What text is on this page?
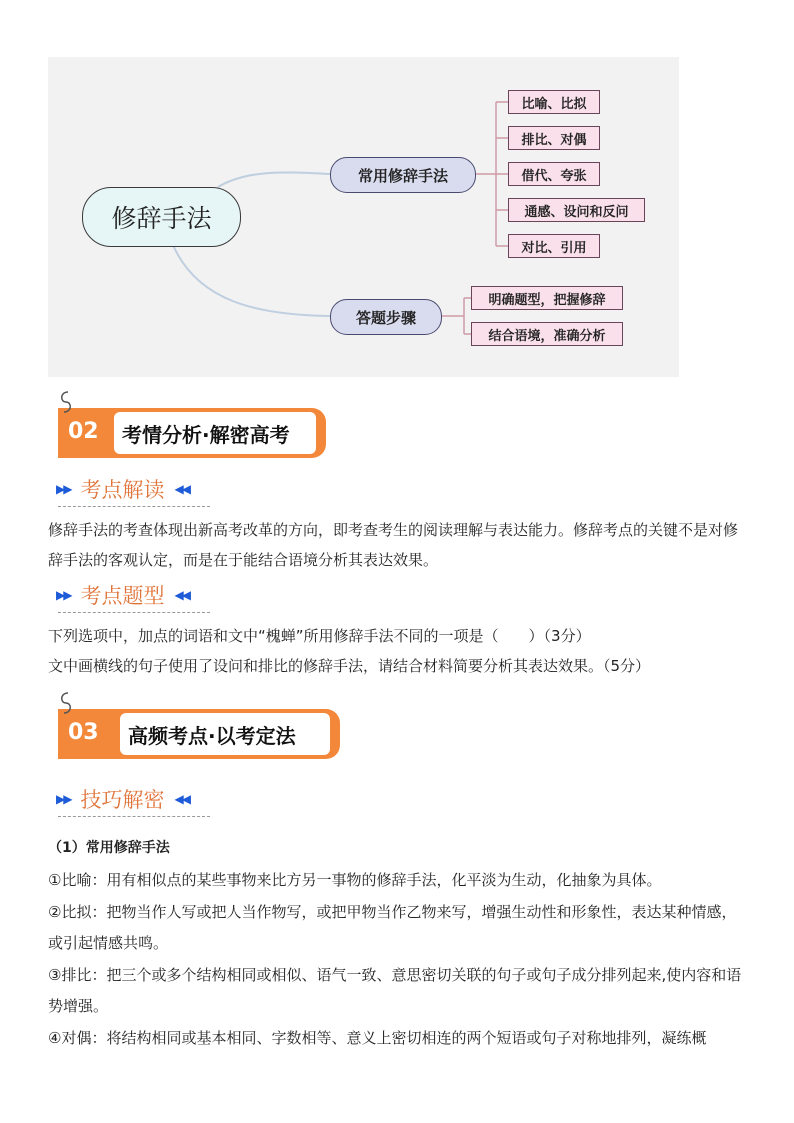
修辞手法
常用修辞手法
答题步骤
比喻、比拟
排比、对偶
借代、夸张
通感、设问和反问
对比、引用
明确题型，把握修辞
结合语境，准确分析
02	考情分析·解密高考
▶▶ 考点解读 ◀◀

修辞手法的考查体现出新高考改革的方向，即考查考生的阅读理解与表达能力。修辞考点的关键不是对修辞手法的客观认定，而是在于能结合语境分析其表达效果。

▶▶ 考点题型 ◀◀

下列选项中，加点的词语和文中“槐蝉”所用修辞手法不同的一项是（　　）（3分）

文中画横线的句子使用了设问和排比的修辞手法，请结合材料简要分析其表达效果。（5分）

03	高频考点·以考定法
▶▶ 技巧解密 ◀◀

（1）常用修辞手法

①比喻：用有相似点的某些事物来比方另一事物的修辞手法，化平淡为生动，化抽象为具体。

②比拟：把物当作人写或把人当作物写，或把甲物当作乙物来写，增强生动性和形象性，表达某种情感，或引起情感共鸣。

③排比：把三个或多个结构相同或相似、语气一致、意思密切关联的句子或句子成分排列起来,使内容和语势增强。

④对偶：将结构相同或基本相同、字数相等、意义上密切相连的两个短语或句子对称地排列，凝练概
